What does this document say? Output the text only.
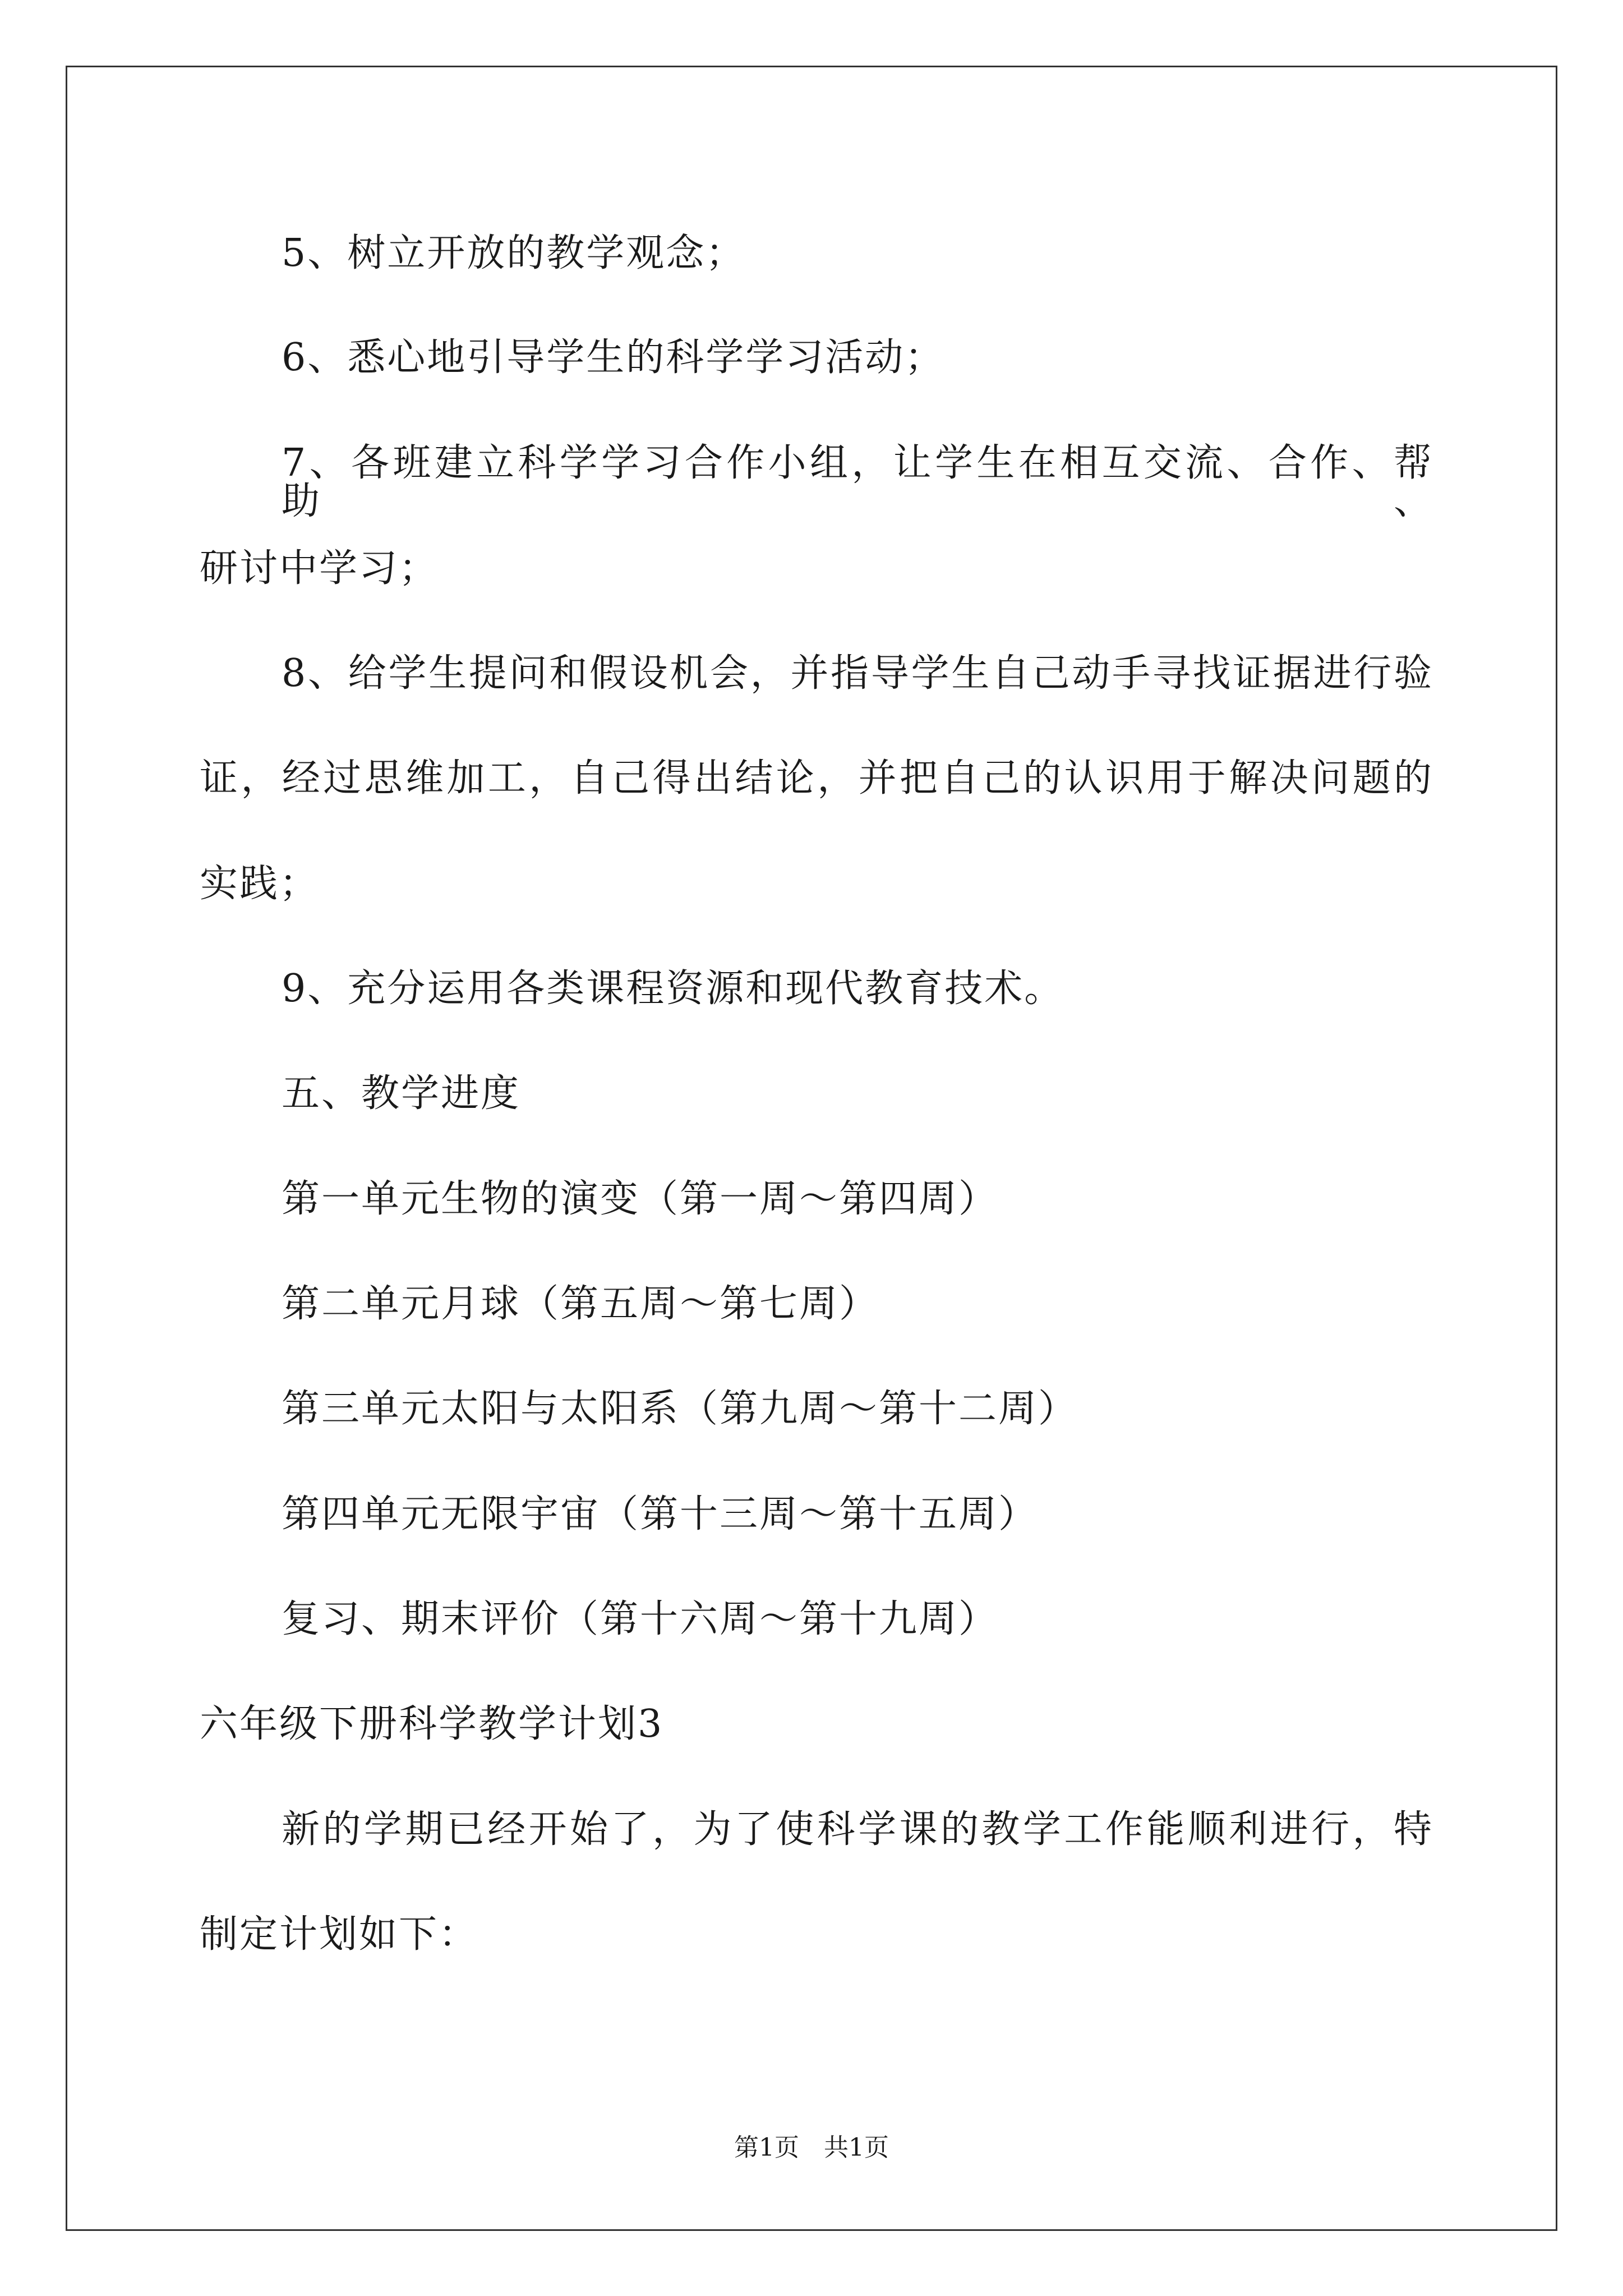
5、树立开放的教学观念；
6、悉心地引导学生的科学学习活动；
7、各班建立科学学习合作小组，让学生在相互交流、合作、帮助、
研讨中学习；
8、给学生提问和假设机会，并指导学生自己动手寻找证据进行验
证，经过思维加工，自己得出结论，并把自己的认识用于解决问题的
实践；
9、充分运用各类课程资源和现代教育技术。
五、教学进度
第一单元生物的演变（第一周～第四周）
第二单元月球（第五周～第七周）
第三单元太阳与太阳系（第九周～第十二周）
第四单元无限宇宙（第十三周～第十五周）
复习、期末评价（第十六周～第十九周）
六年级下册科学教学计划3
新的学期已经开始了，为了使科学课的教学工作能顺利进行，特
制定计划如下：
第1页　共1页
